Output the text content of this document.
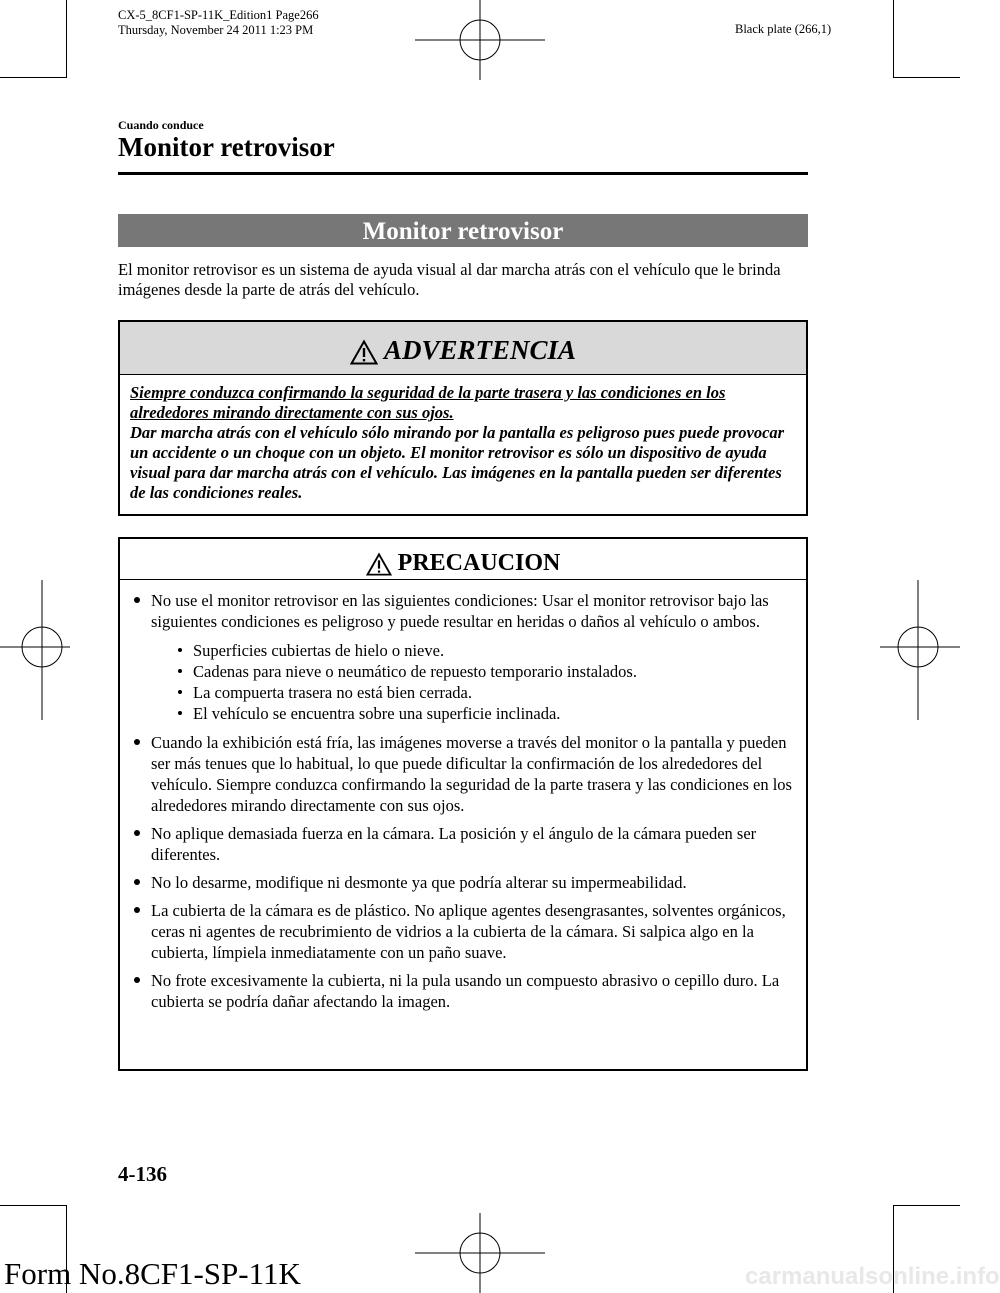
CX-5_8CF1-SP-11K_Edition1 Page266
Thursday, November 24 2011 1:23 PM	Black plate (266,1)
Cuando conduce
Monitor retrovisor
Monitor retrovisor
El monitor retrovisor es un sistema de ayuda visual al dar marcha atrás con el vehículo que le brinda imágenes desde la parte de atrás del vehículo.
ADVERTENCIA
Siempre conduzca confirmando la seguridad de la parte trasera y las condiciones en los alrededores mirando directamente con sus ojos.
Dar marcha atrás con el vehículo sólo mirando por la pantalla es peligroso pues puede provocar un accidente o un choque con un objeto. El monitor retrovisor es sólo un dispositivo de ayuda visual para dar marcha atrás con el vehículo. Las imágenes en la pantalla pueden ser diferentes de las condiciones reales.
PRECAUCION
No use el monitor retrovisor en las siguientes condiciones: Usar el monitor retrovisor bajo las siguientes condiciones es peligroso y puede resultar en heridas o daños al vehículo o ambos.
Superficies cubiertas de hielo o nieve.
Cadenas para nieve o neumático de repuesto temporario instalados.
La compuerta trasera no está bien cerrada.
El vehículo se encuentra sobre una superficie inclinada.
Cuando la exhibición está fría, las imágenes moverse a través del monitor o la pantalla y pueden ser más tenues que lo habitual, lo que puede dificultar la confirmación de los alrededores del vehículo. Siempre conduzca confirmando la seguridad de la parte trasera y las condiciones en los alrededores mirando directamente con sus ojos.
No aplique demasiada fuerza en la cámara. La posición y el ángulo de la cámara pueden ser diferentes.
No lo desarme, modifique ni desmonte ya que podría alterar su impermeabilidad.
La cubierta de la cámara es de plástico. No aplique agentes desengrasantes, solventes orgánicos, ceras ni agentes de recubrimiento de vidrios a la cubierta de la cámara. Si salpica algo en la cubierta, límpiela inmediatamente con un paño suave.
No frote excesivamente la cubierta, ni la pula usando un compuesto abrasivo o cepillo duro. La cubierta se podría dañar afectando la imagen.
4-136
Form No.8CF1-SP-11K	carmanualsonline.info
